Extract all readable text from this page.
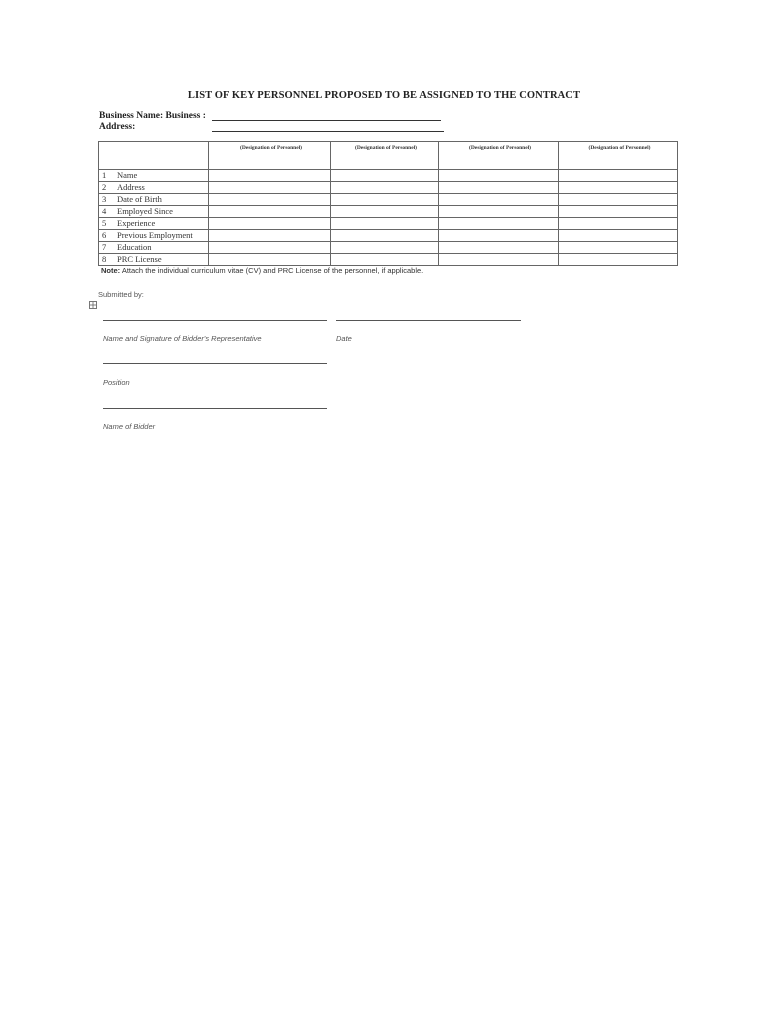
LIST OF KEY PERSONNEL PROPOSED TO BE ASSIGNED TO THE CONTRACT
Business Name: Business :
Address:
	(Designation of Personnel)	(Designation of Personnel)	(Designation of Personnel)	(Designation of Personnel)
1 Name				
2 Address				
3 Date of Birth				
4 Employed Since				
5 Experience				
6 Previous Employment				
7 Education				
8 PRC License				
Note: Attach the individual curriculum vitae (CV) and PRC License of the personnel, if applicable.
Submitted by:
Name and Signature of Bidder's Representative	Date
Position
Name of Bidder
